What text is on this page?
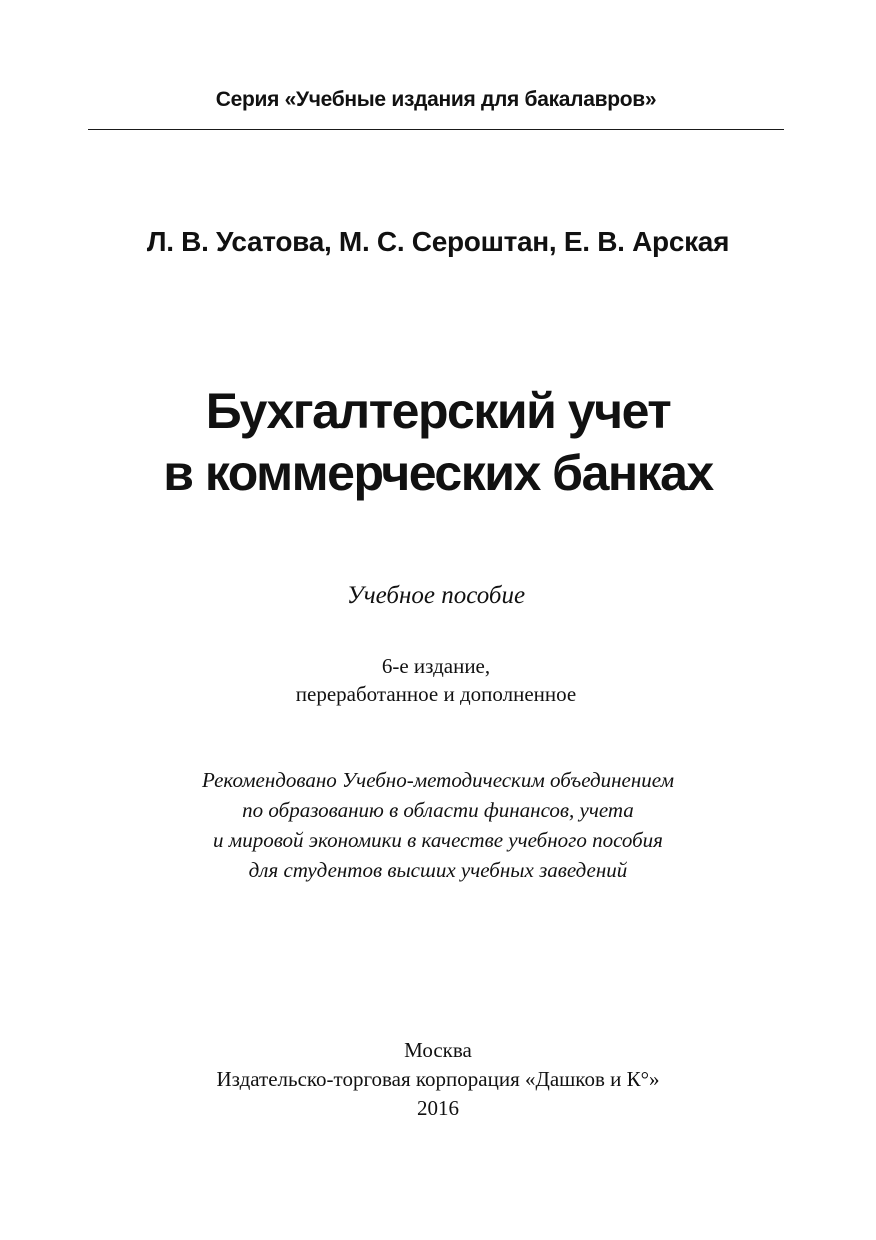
Серия «Учебные издания для бакалавров»
Л. В. Усатова, М. С. Сероштан, Е. В. Арская
Бухгалтерский учет
в коммерческих банках
Учебное пособие
6-е издание,
переработанное и дополненное
Рекомендовано Учебно-методическим объединением
по образованию в области финансов, учета
и мировой экономики в качестве учебного пособия
для студентов высших учебных заведений
Москва
Издательско-торговая корпорация «Дашков и К°»
2016
